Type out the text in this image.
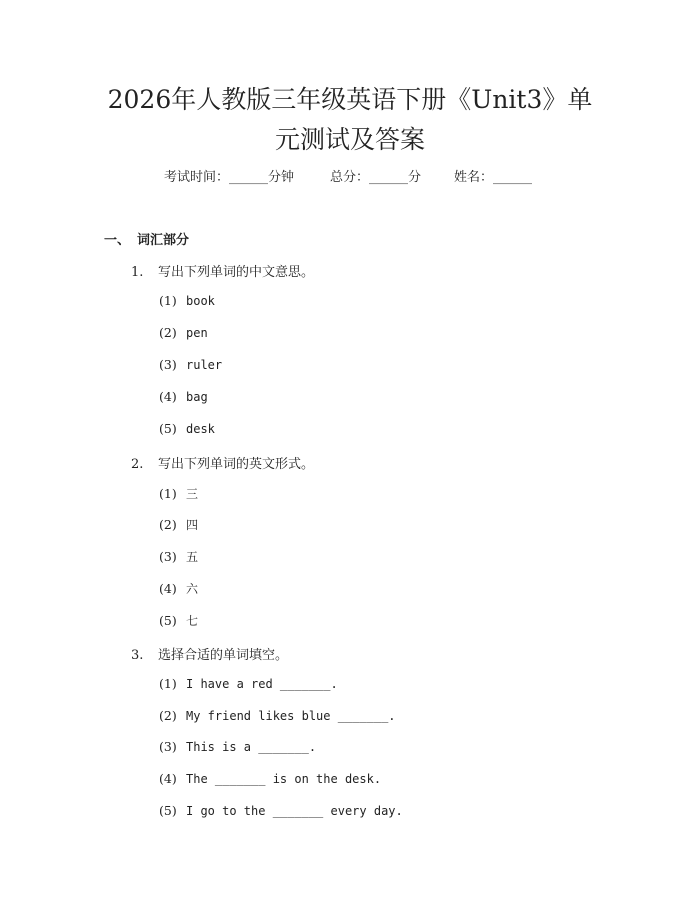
2026年人教版三年级英语下册《Unit3》单
元测试及答案
考试时间：______分钟	总分：______分	姓名：______
一、 词汇部分
1. 写出下列单词的中文意思。
(1) book
(2) pen
(3) ruler
(4) bag
(5) desk
2. 写出下列单词的英文形式。
(1) 三
(2) 四
(3) 五
(4) 六
(5) 七
3. 选择合适的单词填空。
(1) I have a red _______.
(2) My friend likes blue _______.
(3) This is a _______.
(4) The _______ is on the desk.
(5) I go to the _______ every day.
